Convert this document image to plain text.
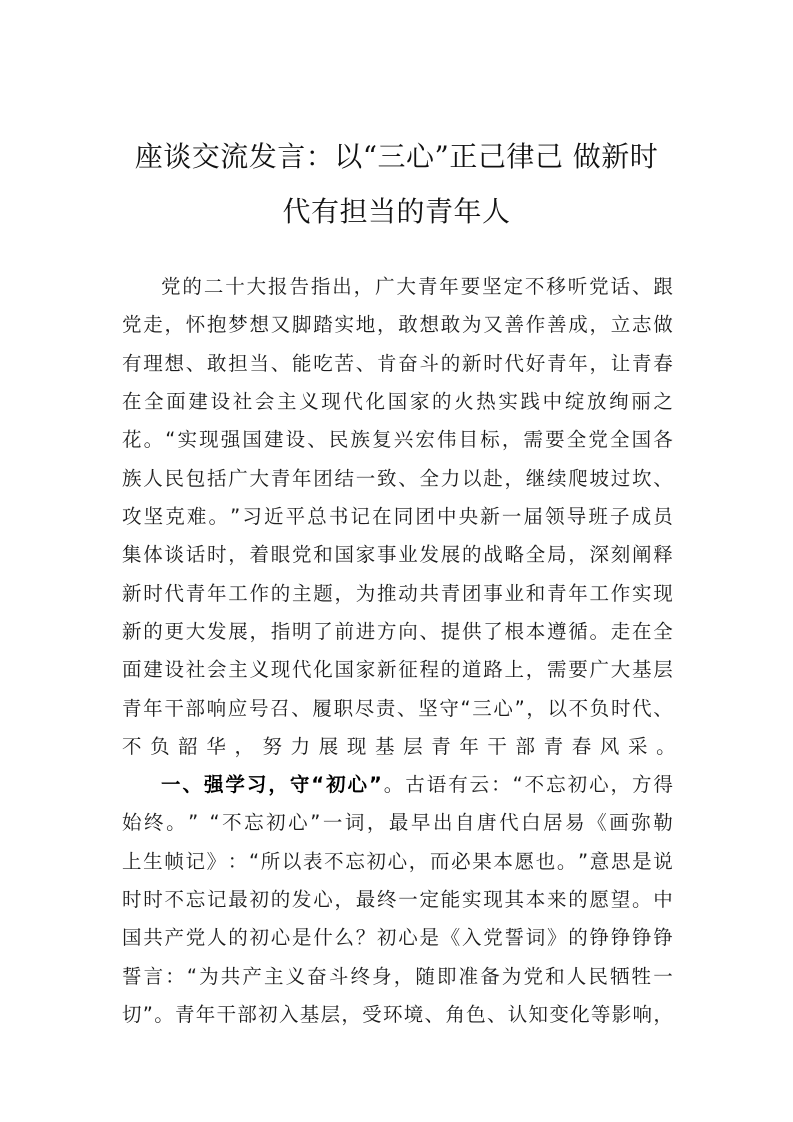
座谈交流发言：以“三心”正己律己 做新时
代有担当的青年人
党 的 二 十 大 报 告 指 出 ， 广 大 青 年 要 坚 定 不 移 听 党 话 、 跟
党 走 ， 怀 抱 梦 想 又 脚 踏 实 地 ， 敢 想 敢 为 又 善 作 善 成 ， 立 志 做
有 理 想 、 敢 担 当 、 能 吃 苦 、 肯 奋 斗 的 新 时 代 好 青 年 ， 让 青 春
在 全 面 建 设 社 会 主 义 现 代 化 国 家 的 火 热 实 践 中 绽 放 绚 丽 之
花 。 “ 实 现 强 国 建 设 、 民 族 复 兴 宏 伟 目 标 ， 需 要 全 党 全 国 各
族 人 民 包 括 广 大 青 年 团 结 一 致 、 全 力 以 赴 ， 继 续 爬 坡 过 坎 、
攻 坚 克 难 。 ” 习 近 平 总 书 记 在 同 团 中 央 新 一 届 领 导 班 子 成 员
集 体 谈 话 时 ， 着 眼 党 和 国 家 事 业 发 展 的 战 略 全 局 ， 深 刻 阐 释
新 时 代 青 年 工 作 的 主 题 ， 为 推 动 共 青 团 事 业 和 青 年 工 作 实 现
新 的 更 大 发 展 ， 指 明 了 前 进 方 向 、 提 供 了 根 本 遵 循 。 走 在 全
面 建 设 社 会 主 义 现 代 化 国 家 新 征 程 的 道 路 上 ， 需 要 广 大 基 层
青 年 干 部 响 应 号 召 、 履 职 尽 责 、 坚 守 “ 三 心 ” ， 以 不 负 时 代 、
不 负 韶 华 ， 努 力 展 现 基 层 青 年 干 部 青 春 风 采 。
一 、 强 学 习 ， 守 “ 初 心 ” 。 古 语 有 云 ： “ 不 忘 初 心 ， 方 得
始 终 。 ”
“ 不 忘 初 心 ” 一 词 ， 最 早 出 自 唐 代 白 居 易 《 画 弥 勒
上 生 帧 记 》 ： “ 所 以 表 不 忘 初 心 ， 而 必 果 本 愿 也 。 ” 意 思 是 说
时 时 不 忘 记 最 初 的 发 心 ， 最 终 一 定 能 实 现 其 本 来 的 愿 望 。 中
国 共 产 党 人 的 初 心 是 什 么 ？ 初 心 是 《 入 党 誓 词 》 的 铮 铮 铮 铮
誓 言 ： “ 为 共 产 主 义 奋 斗 终 身 ， 随 即 准 备 为 党 和 人 民 牺 牲 一
切 ” 。 青 年 干 部 初 入 基 层 ， 受 环 境 、 角 色 、 认 知 变 化 等 影 响 ，
